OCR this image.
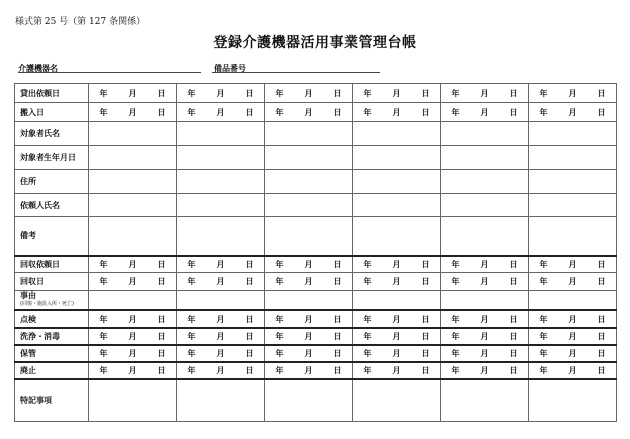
様式第 25 号（第 127 条関係）
登録介護機器活用事業管理台帳
介護機器名	備品番号
貸出依頼日	年 月 日	年 月 日	年 月 日	年 月 日	年 月 日	年 月 日

搬入日	年 月 日	年 月 日	年 月 日	年 月 日	年 月 日	年 月 日

対象者氏名						
対象者生年月日						
住所						
依頼人氏名						
備考						
回収依頼日	年 月 日	年 月 日	年 月 日	年 月 日	年 月 日	年 月 日

回収日	年 月 日	年 月 日	年 月 日	年 月 日	年 月 日	年 月 日

事由
(回復・施設入所・死亡)						

点検	年 月 日	年 月 日	年 月 日	年 月 日	年 月 日	年 月 日

洗浄・消毒	年 月 日	年 月 日	年 月 日	年 月 日	年 月 日	年 月 日

保管	年 月 日	年 月 日	年 月 日	年 月 日	年 月 日	年 月 日

廃止	年 月 日	年 月 日	年 月 日	年 月 日	年 月 日	年 月 日

特記事項						
